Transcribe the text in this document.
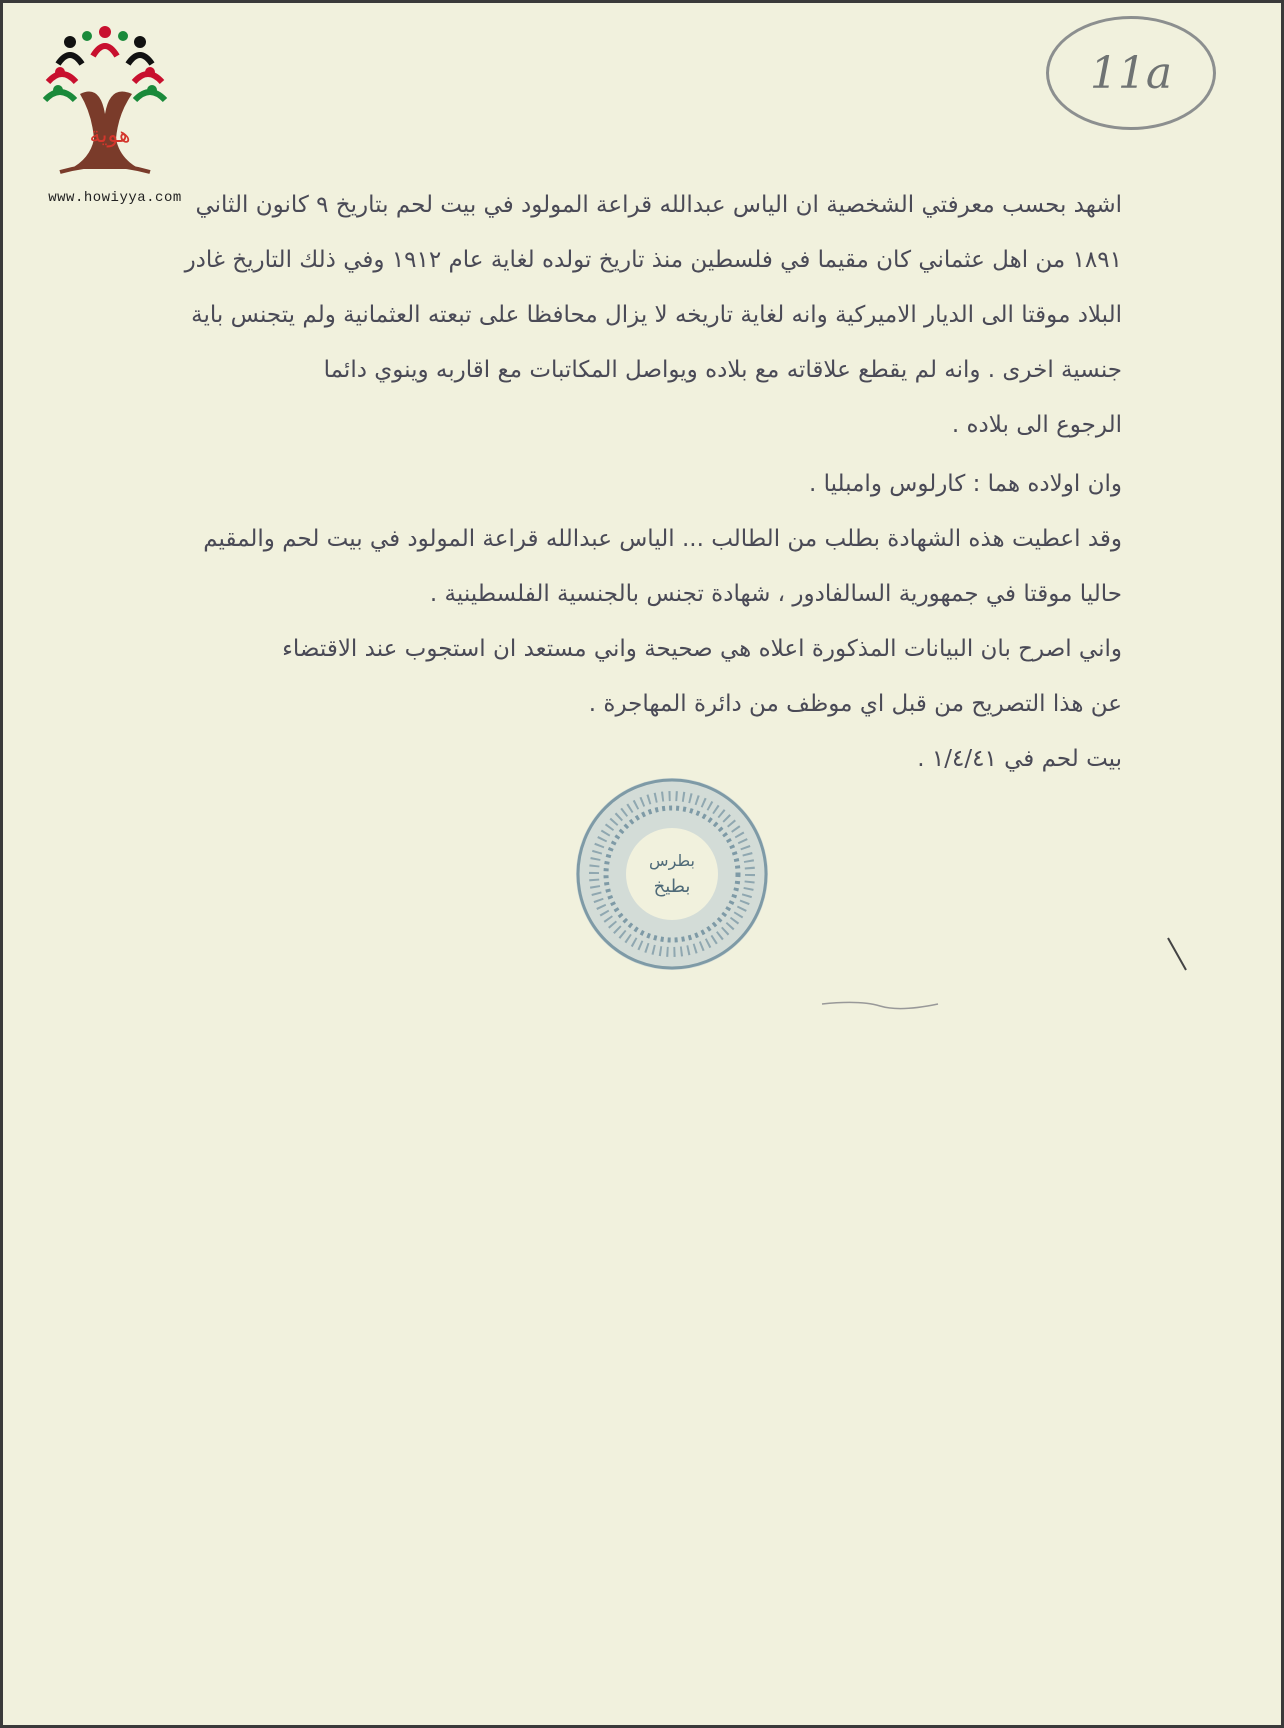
11a
هوية
www.howiyya.com اشهد بحسب معرفتي الشخصية ان الياس عبدالله قراعة المولود في بيت لحم بتاريخ ٩ كانون الثاني

١٨٩١ من اهل عثماني كان مقيما في فلسطين منذ تاريخ تولده لغاية عام ١٩١٢ وفي ذلك التاريخ غادر

البلاد موقتا الى الديار الاميركية وانه لغاية تاريخه لا يزال محافظا على تبعته العثمانية ولم يتجنس باية

جنسية اخرى . وانه لم يقطع علاقاته مع بلاده ويواصل المكاتبات مع اقاربه وينوي دائما

الرجوع الى بلاده .

وان اولاده هما : كارلوس وامبليا .

وقد اعطيت هذه الشهادة بطلب من الطالب ... الياس عبدالله قراعة المولود في بيت لحم والمقيم

حاليا موقتا في جمهورية السالفادور ، شهادة تجنس بالجنسية الفلسطينية .

واني اصرح بان البيانات المذكورة اعلاه هي صحيحة واني مستعد ان استجوب عند الاقتضاء

عن هذا التصريح من قبل اي موظف من دائرة المهاجرة .

بيت لحم في ١/٤/٤١ .

بطرس
بطيخ
